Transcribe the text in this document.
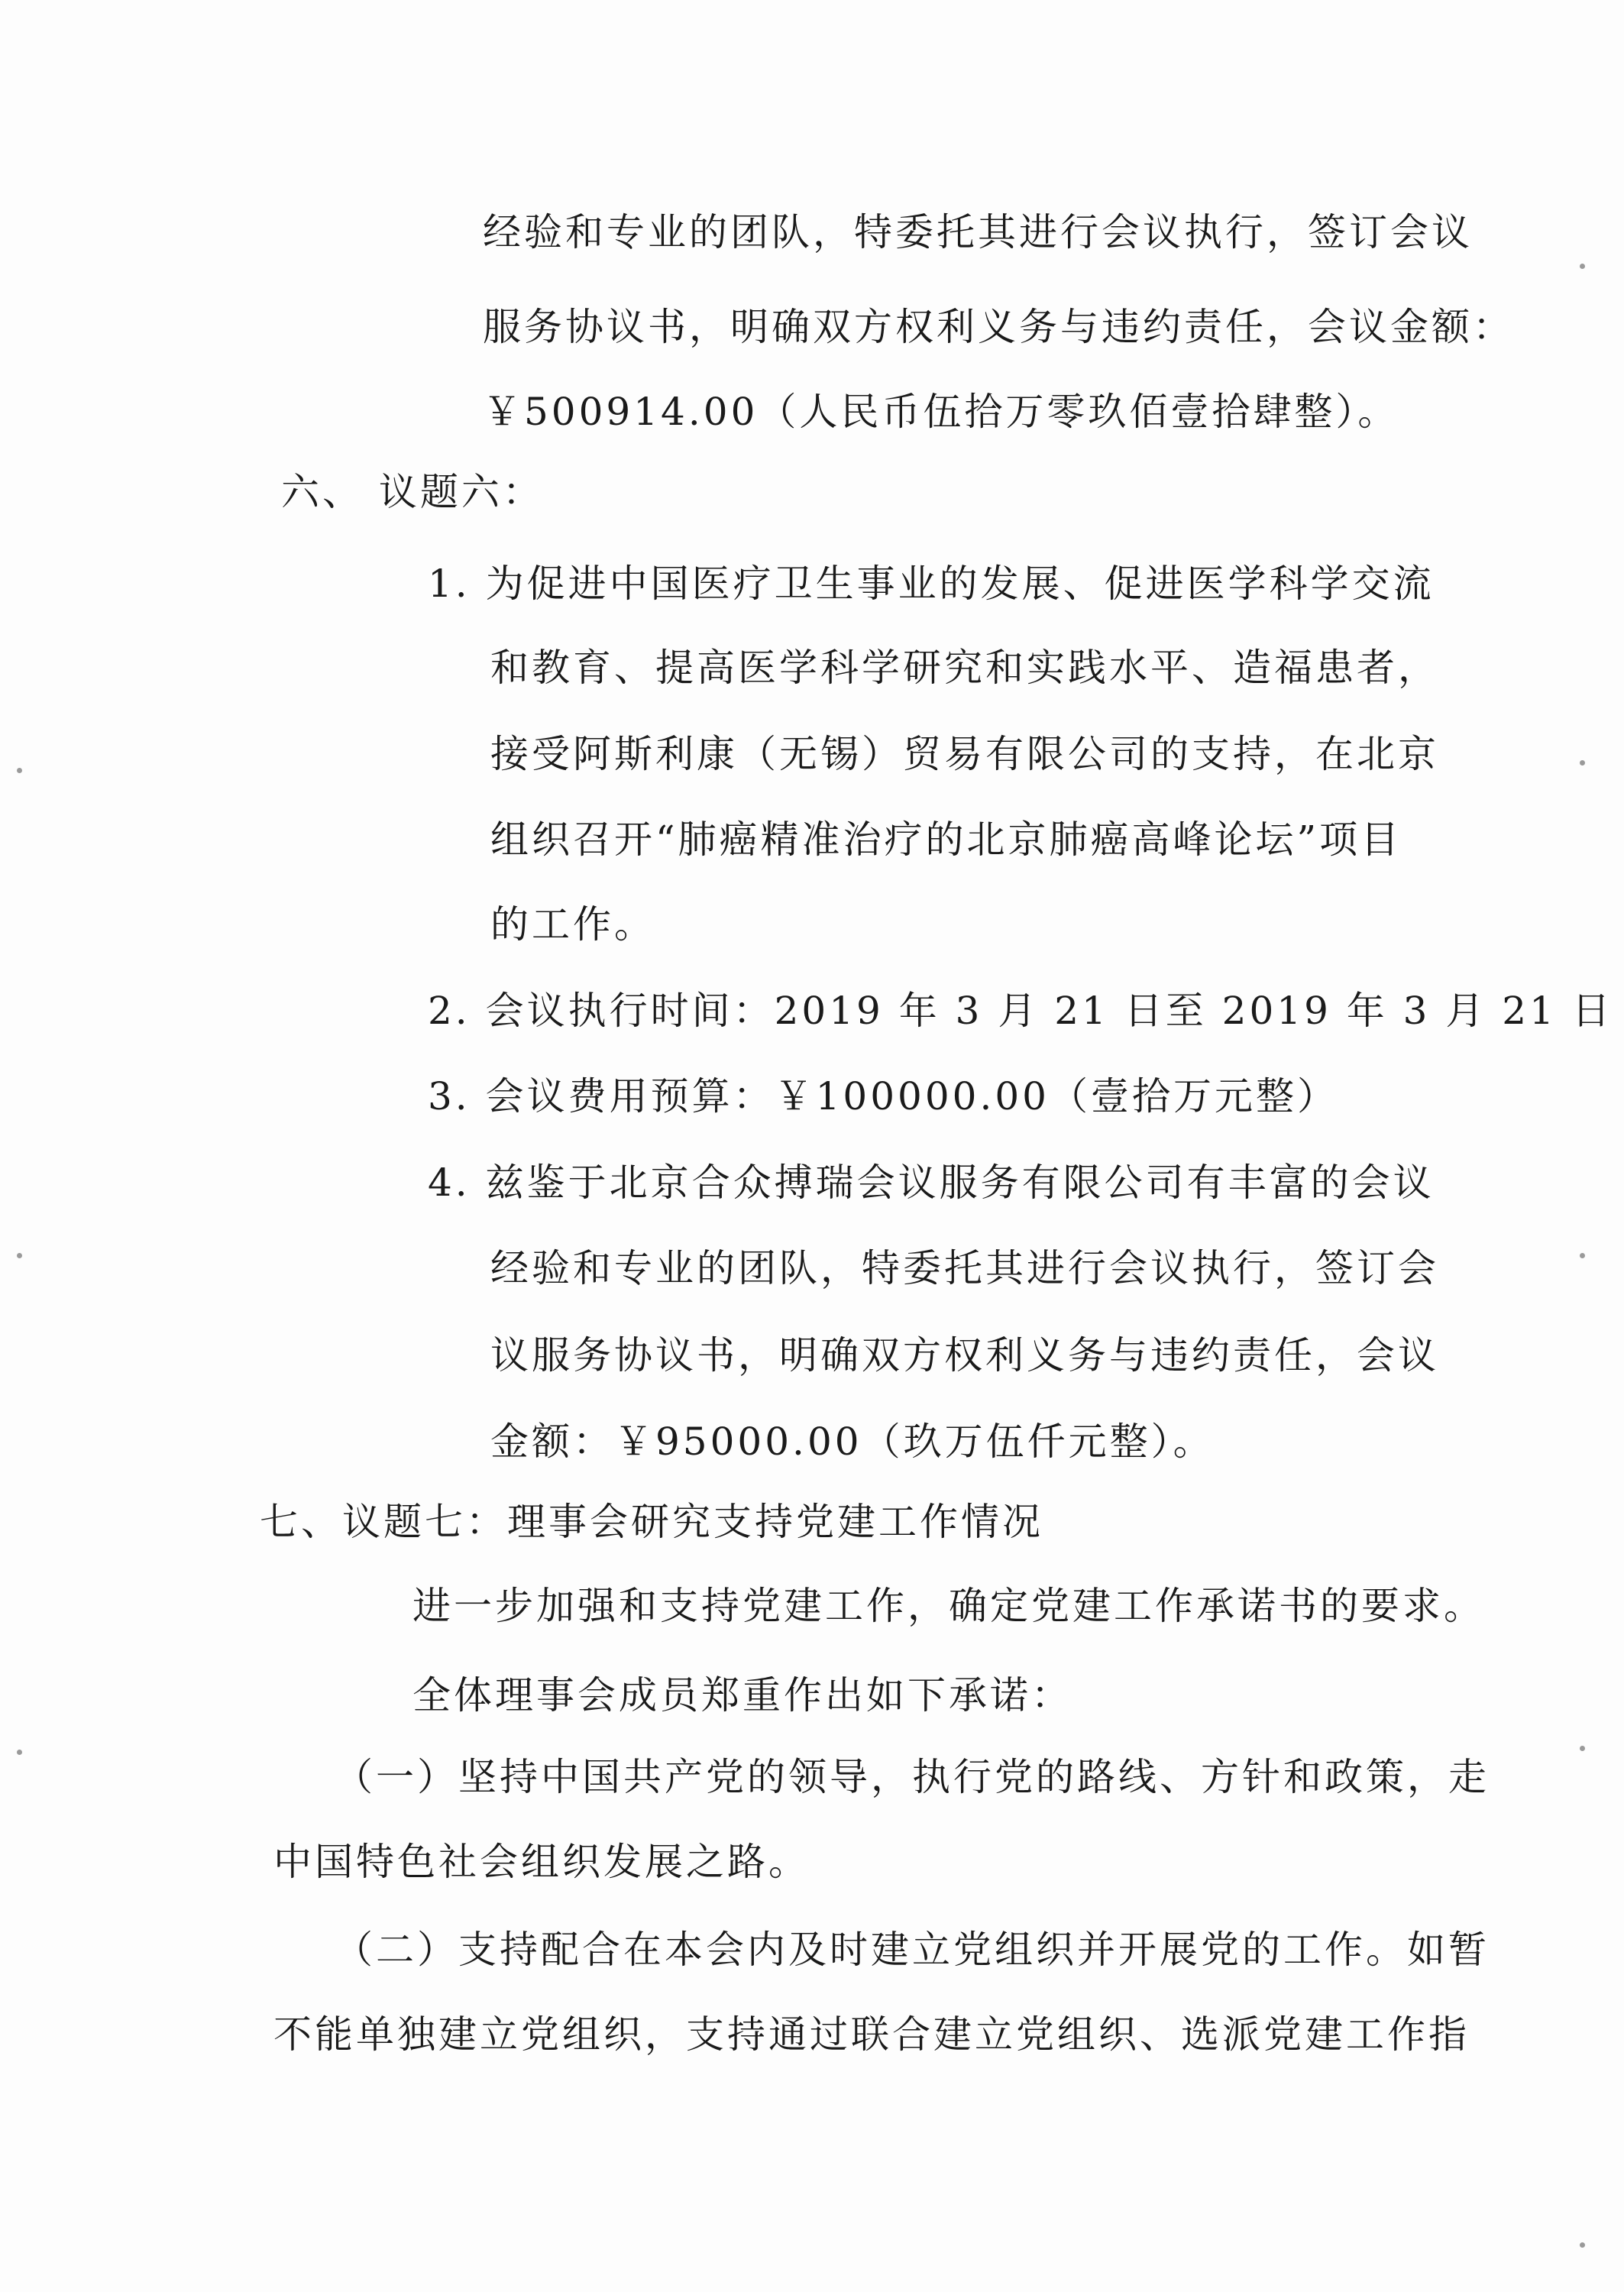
经验和专业的团队，特委托其进行会议执行，签订会议
服务协议书，明确双方权利义务与违约责任，会议金额：
￥500914.00（人民币伍拾万零玖佰壹拾肆整）。
六、 议题六：
1. 为促进中国医疗卫生事业的发展、促进医学科学交流
和教育、提高医学科学研究和实践水平、造福患者，
接受阿斯利康（无锡）贸易有限公司的支持，在北京
组织召开“肺癌精准治疗的北京肺癌高峰论坛”项目
的工作。
2. 会议执行时间：2019 年 3 月 21 日至 2019 年 3 月 21 日
3. 会议费用预算：￥100000.00（壹拾万元整）
4. 兹鉴于北京合众搏瑞会议服务有限公司有丰富的会议
经验和专业的团队，特委托其进行会议执行，签订会
议服务协议书，明确双方权利义务与违约责任，会议
金额：￥95000.00（玖万伍仟元整）。
七、议题七：理事会研究支持党建工作情况
进一步加强和支持党建工作，确定党建工作承诺书的要求。
全体理事会成员郑重作出如下承诺：
（一）坚持中国共产党的领导，执行党的路线、方针和政策，走
中国特色社会组织发展之路。
（二）支持配合在本会内及时建立党组织并开展党的工作。如暂
不能单独建立党组织，支持通过联合建立党组织、选派党建工作指
